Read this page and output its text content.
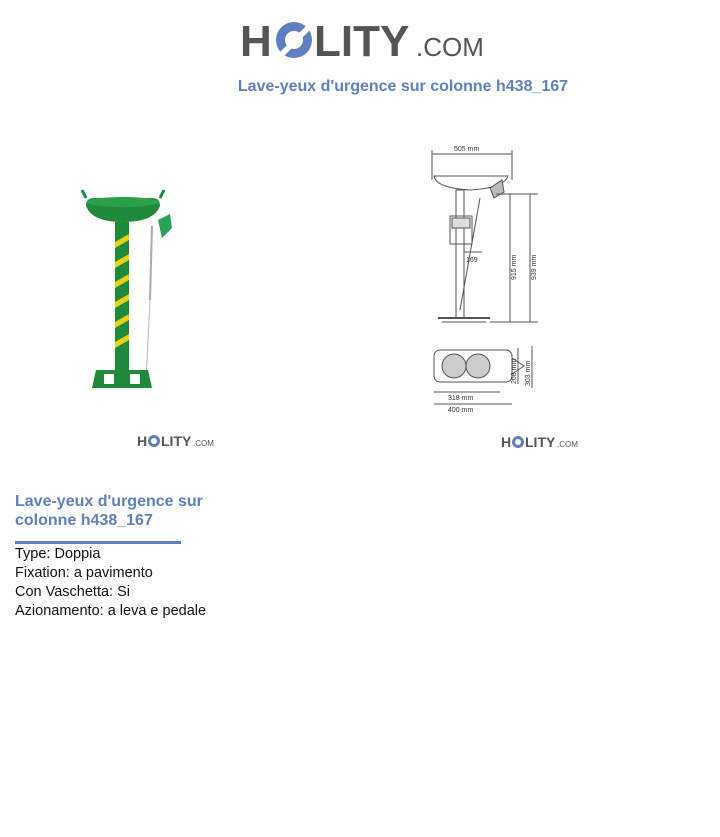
H LITY .COM
Lave-yeux d'urgence sur colonne h438_167
505 mm
169	915 mm 939 mm
268 mm 303 mm
318 mm
400 mm
H LITY .COM	H LITY .COM
Lave-yeux d'urgence sur colonne h438_167
Type: Doppia
Fixation: a pavimento
Con Vaschetta: Si
Azionamento: a leva e pedale
